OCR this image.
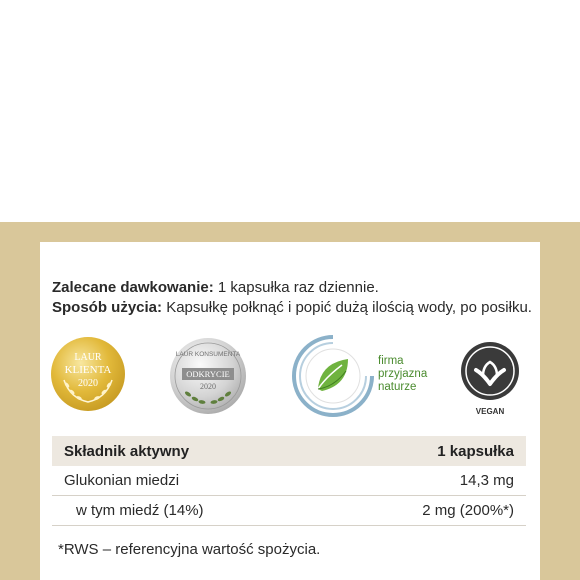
Zalecane dawkowanie: 1 kapsułka raz dziennie.
Sposób użycia: Kapsułkę połknąć i popić dużą ilością wody, po posiłku.
LAUR
KLIENTA
2020
LAUR KONSUMENTA
ODKRYCIE
2020
firma
przyjazna
naturze
VEGAN
Składnik aktywny	1 kapsułka
Glukonian miedzi	14,3 mg
w tym miedź (14%)	2 mg (200%*)
*RWS – referencyjna wartość spożycia.
